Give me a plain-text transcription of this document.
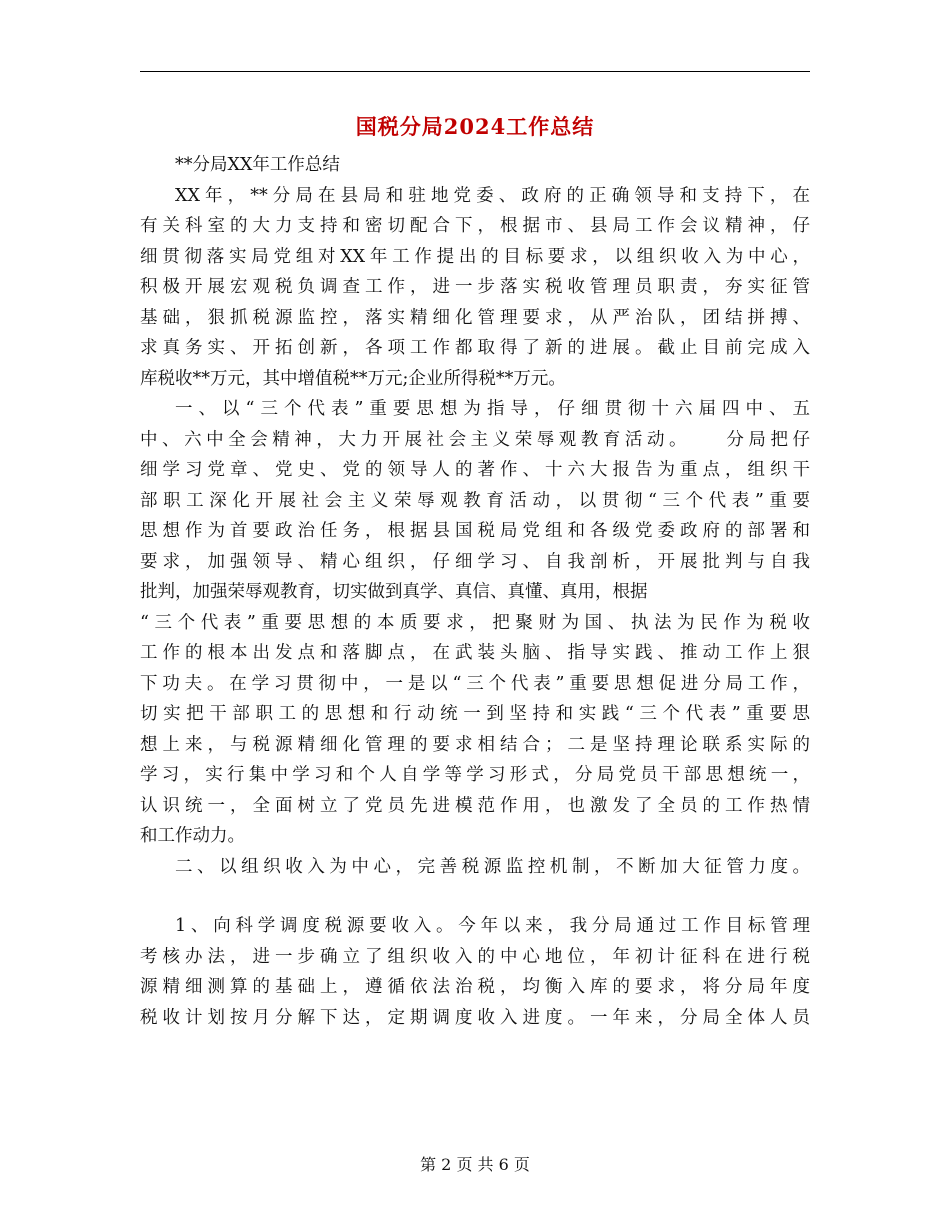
国税分局2024工作总结
**分局XX年工作总结
XX年，**分局在县局和驻地党委、政府的正确领导和支持下，在
有关科室的大力支持和密切配合下，根据市、县局工作会议精神，仔
细贯彻落实局党组对XX年工作提出的目标要求，以组织收入为中心，
积极开展宏观税负调查工作，进一步落实税收管理员职责，夯实征管
基础，狠抓税源监控，落实精细化管理要求，从严治队，团结拼搏、
求真务实、开拓创新，各项工作都取得了新的进展。截止目前完成入
库税收**万元，其中增值税**万元;企业所得税**万元。
一、以“三个代表”重要思想为指导，仔细贯彻十六届四中、五
中、六中全会精神，大力开展社会主义荣辱观教育活动。　　分局把仔
细学习党章、党史、党的领导人的著作、十六大报告为重点，组织干
部职工深化开展社会主义荣辱观教育活动，以贯彻“三个代表”重要
思想作为首要政治任务，根据县国税局党组和各级党委政府的部署和
要求，加强领导、精心组织，仔细学习、自我剖析，开展批判与自我
批判，加强荣辱观教育，切实做到真学、真信、真懂、真用，根据
“三个代表”重要思想的本质要求，把聚财为国、执法为民作为税收
工作的根本出发点和落脚点，在武装头脑、指导实践、推动工作上狠
下功夫。在学习贯彻中，一是以“三个代表”重要思想促进分局工作，
切实把干部职工的思想和行动统一到坚持和实践“三个代表”重要思
想上来，与税源精细化管理的要求相结合；二是坚持理论联系实际的
学习，实行集中学习和个人自学等学习形式，分局党员干部思想统一，
认识统一，全面树立了党员先进模范作用，也激发了全员的工作热情
和工作动力。
二、以组织收入为中心，完善税源监控机制，不断加大征管力度。
1、向科学调度税源要收入。今年以来，我分局通过工作目标管理
考核办法，进一步确立了组织收入的中心地位，年初计征科在进行税
源精细测算的基础上，遵循依法治税，均衡入库的要求，将分局年度
税收计划按月分解下达，定期调度收入进度。一年来，分局全体人员
第 2 页 共 6 页
